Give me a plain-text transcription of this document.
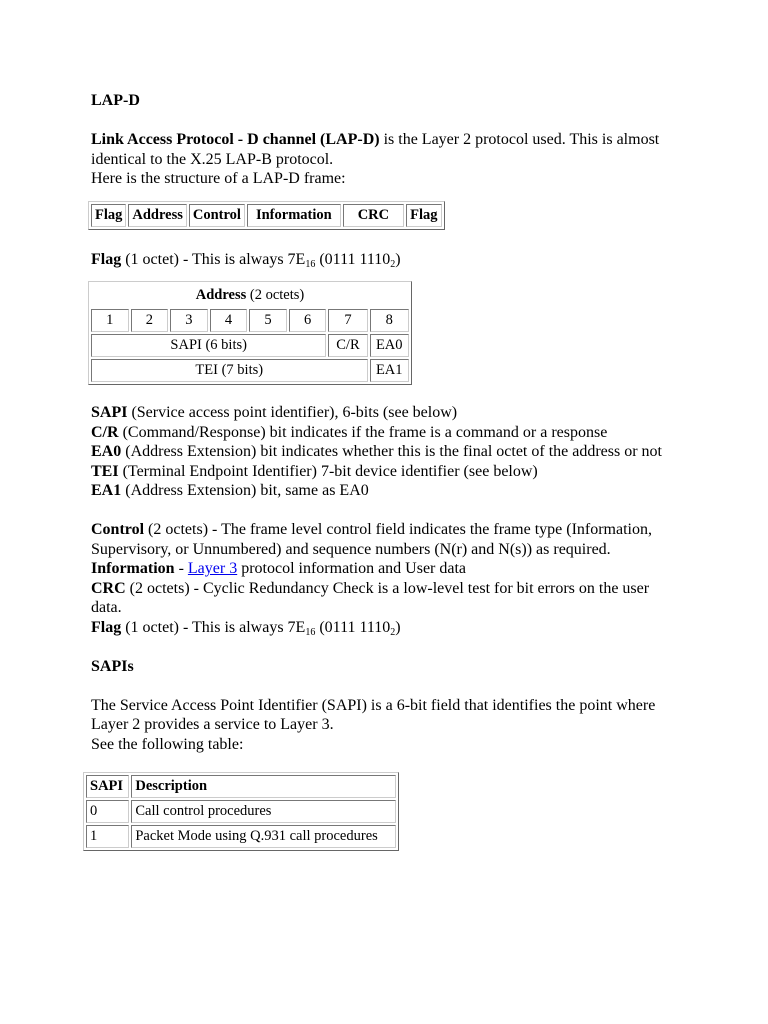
LAP-D

Link Access Protocol - D channel (LAP-D) is the Layer 2 protocol used. This is almost identical to the X.25 LAP-B protocol.

Here is the structure of a LAP-D frame:

Flag	Address	Control	Information	CRC	Flag

Flag (1 octet) - This is always $7E_{16}$ (0111 $1110_2$)

Address (2 octets)							
1	2	3	4	5	6	7	8
SAPI (6 bits)						C/R	EA0
TEI (7 bits)							EA1

SAPI (Service access point identifier), 6-bits (see below)

C/R (Command/Response) bit indicates if the frame is a command or a response

EA0 (Address Extension) bit indicates whether this is the final octet of the address or not

TEI (Terminal Endpoint Identifier) 7-bit device identifier (see below)

EA1 (Address Extension) bit, same as EA0

Control (2 octets) - The frame level control field indicates the frame type (Information, Supervisory, or Unnumbered) and sequence numbers (N(r) and N(s)) as required.

Information - Layer 3 protocol information and User data

CRC (2 octets) - Cyclic Redundancy Check is a low-level test for bit errors on the user data.

Flag (1 octet) - This is always $7E_{16}$ (0111 $1110_2$)

SAPIs

The Service Access Point Identifier (SAPI) is a 6-bit field that identifies the point where Layer 2 provides a service to Layer 3.

See the following table:

SAPI	Description
0	Call control procedures
1	Packet Mode using Q.931 call procedures
